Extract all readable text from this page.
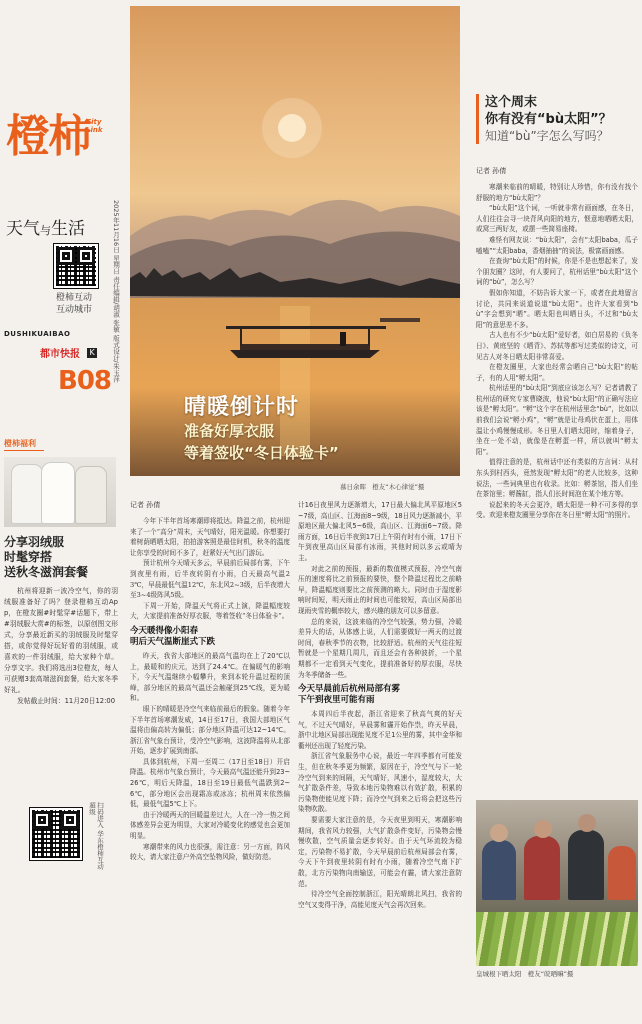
橙柿
City Link
天气与生活
橙柿互动
互动城市
DUSHIKUAIBAO
都市快报 K
B08 2025年11月16日 星期日 责任编辑/胡淑 张敏 版式设计/朱玉萍
晴暖倒计时
准备好厚衣服
等着签收“冬日体验卡”
慕日余晖   橙友“木心律觉”摄
橙柿福利
分享羽绒服
时髦穿搭
送秋冬滋润套餐

杭州将迎新一波冷空气，你的羽绒服准备好了吗？登录橙柿互动App，在橙友圈#时髦穿#话题下，带上#羽绒服大赏#的标签，以原创图文形式，分享最近新买的羽绒服及时髦穿搭，或你觉得好玩好看的羽绒服，或喜欢的一件羽绒服，给大家种个草。分享文字。我们将选出3位橙友，每人可获赠3套高端滋润套餐，给大家冬季好礼。

发帖截止时间：11月20日12:00

扫码进入 华东橙柿互动 超级
记者 孙倩

今年下半年首场寒潮即将抵达。降温之前，杭州迎来了一个“高分”周末，天气晴好，阳光温暖。你想要打着树荫晒晒太阳，拍拍游客照是最佳时机，秋冬的温度让你享受的时间不多了，赶紧好天气出门游玩。

预计杭州今天晴天多云，早晨前后局部有雾，下午到夜里有雨，后半夜转阴有小雨，白天最高气温23℃，早晨最低气温12℃，东北风2~3级，后半夜增大至3~4级阵风5级。

下周一开始，降温天气将正式上演，降温幅度较大，大家提前准备好厚衣服，等着签收“冬日体验卡”。

今天暖得像小阳春
明后天气温断崖式下跌

昨天，我省大部地区的最高气温均在上了20℃以上，最暖和的庆元，达到了24.4℃。在偏暖气的影响下，今天气温继续小幅攀升，来到本轮升温过程的顶峰，部分地区的最高气温还会触碰到25℃线，更为暖和。

眼下的晴暖是冷空气来临前最后的假象。随着今年下半年首场寒潮发威，14日至17日，我国大部地区气温将由偏高转为偏低；部分地区降温可达12~14℃。浙江省气象台预计，受冷空气影响，这波降温将从北部开始，逐步扩展到南部。

具体到杭州，下周一至周二（17日至18日）开启降温。杭州市气象台预计，今天最高气温还能升到23~26℃，明后天降温，18日至19日最低气温跌到2~6℃，部分地区会出现霜冻或冰冻；杭州周末依然偏低，最低气温5℃上下。

由于冷暖两天的回暖温差过大，人在一冷一热之间体感差异会更为明显，大家对冷暖变化的感觉也会更加明显。

寒潮带来的风力也很强，需注意：另一方面，阵风较大，请大家注意户外高空坠物风险，做好防范。

计16日夜里风力逐渐增大，17日最大偏北风平原地区5~7级，高山区、江海面8~9级，18日风力逐渐减小，平原地区最大偏北风5~6级，高山区、江海面6~7级。降雨方面，16日后半夜到17日上午阴有时有小雨，17日下午到夜里高山区局部有冰雨，其他时间以多云或晴为主。

对此之前的预报，最新的数值模式预报，冷空气南压的速度将比之前预报的要快，整个降温过程比之前略早，降温幅度则要比之前预测的略大。同时由于湿度影响时间短，明天雨止的时间也可能较短，高山区局部出现雨夹雪的概率较大，感兴趣的朋友可以多留意。

总的来说，这波来临的冷空气较强，势力强，冷暖差异大的话，从体感上说，人们需要做好一两天的过渡时间，春秋季节的衣物，比较舒适。杭州的天气往往短暂就是一个星期几周几，而且还会有各种波折，一个星期都不一定看到天气变化，提前准备好的厚衣服，尽快为冬季储备一些。

今天早晨前后杭州局部有雾
下午到夜里可能有雨

本周四后半夜起，浙江省迎来了秋高气爽的好天气，不过天气晴好，早晨雾和霾开始作祟，昨天早晨，浙中北地区局部出现能见度不足1公里的雾，其中金华和衢州还出现了轻度污染。

浙江省气象服务中心说，最近一年四季都有可能发生，但在秋冬季更为频繁，原因在于，冷空气与下一轮冷空气到来的间隔，天气晴好，风速小，湿度较大，大气扩散条件差，导致本地污染物难以有效扩散，积累的污染物使能见度下降；而冷空气到来之后将会把这些污染物吹散。

要需要大家注意的是，今天夜里到明天，寒潮影响期间，我省风力较强，大气扩散条件变好，污染物会慢慢吹散，空气质量会逐步转好。由于天气环流较为稳定，污染物不易扩散，今天早晨前后杭州局部会有雾，今天下午到夜里转阴有时有小雨，随着冷空气南下扩散，北方污染物向南输送，可能会有霾，请大家注意防范。

待冷空气全面控制浙江，阳光晴朗北风扫，我省的空气又变得干净，高能见度天气会再次回来。

这个周末
你有没有“bù太阳”？
知道“bù”字怎么写吗？
记者 孙倩

寒潮来临前的晴暖，特别让人珍惜，你有没有找个舒服的地方“bù太阳”？

“bù太阳”这个词，一听就非常有画面感，在冬日，人们往往会寻一块背风向阳的地方，惬意地晒晒太阳，或窝三两好友，或摆一些简易座椅。

难怪有网友说：“bù太阳”，会有“太阳baba，瓜子嗑嗑”“太阳baba，香烟抽抽”的说法，极富画面感。

在查询“bù太阳”的时候，你是不是也想起来了，发个朋友圈？这时，有人要问了，杭州话里“bù太阳”这个词的“bù”，怎么写？

假如你知道，不妨告诉大家一下，或者在此地留言讨论，共同来说道说道“bù太阳”。也许大家看到“bù”字会想到“晒”。晒太阳也叫晒日头，不过和“bù太阳”的意思差不多。

古人也有不少“bù太阳”爱好者，如白居易的《负冬日》、黄庭坚的《晒背》、苏轼等都写过类似的诗文，可见古人对冬日晒太阳非常喜爱。

在橙友圈里，大家也经常会晒自己“bù太阳”的帖子，有的人用“孵太阳”。

杭州话里的“bù太阳”到底应该怎么写？记者请教了杭州话的研究专家曹晓波，他说“bù太阳”的正确写法应该是“孵太阳”。“孵”这个字在杭州话里念“bù”，比如以前我们会说“孵小鸡”，“孵”就是让母鸡伏在蛋上，用体温让小鸡慢慢成形。冬日里人们晒太阳时，缩着身子，坐在一处不动，就像是在孵蛋一样，所以就叫“孵太阳”。

值得注意的是，杭州话中还有类似的方言词：从村东头到村西头，竟然发现“孵太阳”的老人比较多，这种说法，一些词典里也有收录。比如：孵茶馆，指人们坐在茶馆里；孵酱缸，指人们长时间泡在某个地方等。

说起来的冬天会更冷，晒太阳是一种不可多得的享受。欢迎来橙友圈里分享你在冬日里“孵太阳”的照片。

皇城根下晒太阳   橙友“皖晒嘛”摄
